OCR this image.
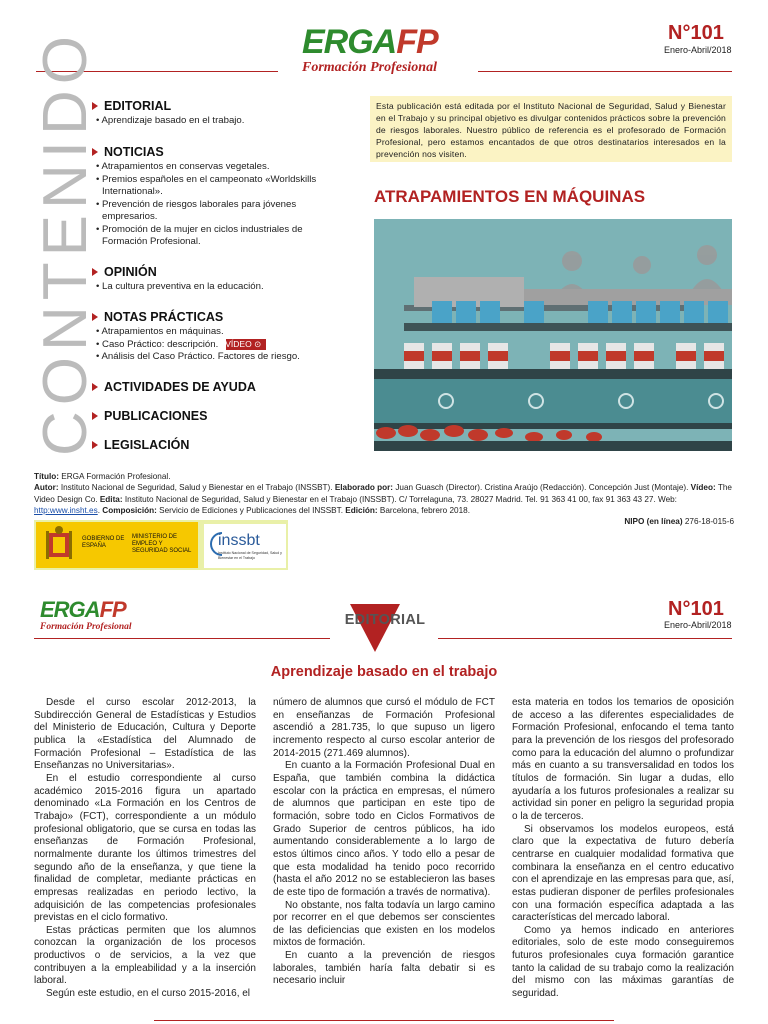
ERGAFP
Formación Profesional
N°101
Enero-Abril/2018
CONTENIDO EDITORIAL
• Aprendizaje basado en el trabajo.
NOTICIAS
• Atrapamientos en conservas vegetales.
• Premios españoles en el campeonato «Worldskills International».
• Prevención de riesgos laborales para jóvenes empresarios.
• Promoción de la mujer en ciclos industriales de Formación Profesional.
OPINIÓN
• La cultura preventiva en la educación.
NOTAS PRÁCTICAS
• Atrapamientos en máquinas.
• Caso Práctico: descripción. VÍDEO ⊙
• Análisis del Caso Práctico. Factores de riesgo.
ACTIVIDADES DE AYUDA
PUBLICACIONES
LEGISLACIÓN
Esta publicación está editada por el Instituto Nacional de Seguridad, Salud y Bienestar en el Trabajo y su principal objetivo es divulgar contenidos prácticos sobre la prevención de riesgos laborales. Nuestro público de referencia es el profesorado de Formación Profesional, pero estamos encantados de que otros destinatarios interesados en la prevención nos visiten.
ATRAPAMIENTOS EN MÁQUINAS
Título: ERGA Formación Profesional.
Autor: Instituto Nacional de Seguridad, Salud y Bienestar en el Trabajo (INSSBT). Elaborado por: Juan Guasch (Director). Cristina Araújo (Redacción). Concepción Just (Montaje). Vídeo: The Video Design Co. Edita: Instituto Nacional de Seguridad, Salud y Bienestar en el Trabajo (INSSBT). C/ Torrelaguna, 73. 28027 Madrid. Tel. 91 363 41 00, fax 91 363 43 27. Web: http:www.insht.es. Composición: Servicio de Ediciones y Publicaciones del INSSBT. Edición: Barcelona, febrero 2018.
NIPO (en línea) 276-18-015-6
GOBIERNO DE ESPAÑA
MINISTERIO DE EMPLEO Y SEGURIDAD SOCIAL
inssbt
Instituto Nacional de Seguridad, Salud y Bienestar en el Trabajo
ERGAFP
Formación Profesional	EDITORIAL	N°101
Enero-Abril/2018
Aprendizaje basado en el trabajo

Desde el curso escolar 2012-2013, la Subdirección General de Estadísticas y Estudios del Ministerio de Educación, Cultura y Deporte publica la «Estadística del Alumnado de Formación Profesional – Estadística de las Enseñanzas no Universitarias».

En el estudio correspondiente al curso académico 2015-2016 figura un apartado denominado «La Formación en los Centros de Trabajo» (FCT), correspondiente a un módulo profesional obligatorio, que se cursa en todas las enseñanzas de Formación Profesional, normalmente durante los últimos trimestres del segundo año de la enseñanza, y que tiene la finalidad de completar, mediante prácticas en empresas realizadas en periodo lectivo, la adquisición de las competencias profesionales previstas en el ciclo formativo.

Estas prácticas permiten que los alumnos conozcan la organización de los procesos productivos o de servicios, a la vez que contribuyen a la empleabilidad y a la inserción laboral.

Según este estudio, en el curso 2015-2016, el

número de alumnos que cursó el módulo de FCT en enseñanzas de Formación Profesional ascendió a 281.735, lo que supuso un ligero incremento respecto al curso escolar anterior de 2014-2015 (271.469 alumnos).

En cuanto a la Formación Profesional Dual en España, que también combina la didáctica escolar con la práctica en empresas, el número de alumnos que participan en este tipo de formación, sobre todo en Ciclos Formativos de Grado Superior de centros públicos, ha ido aumentando considerablemente a lo largo de estos últimos cinco años. Y todo ello a pesar de que esta modalidad ha tenido poco recorrido (hasta el año 2012 no se establecieron las bases de este tipo de formación a través de normativa).

No obstante, nos falta todavía un largo camino por recorrer en el que debemos ser conscientes de las deficiencias que existen en los modelos mixtos de formación.

En cuanto a la prevención de riesgos laborales, también haría falta debatir si es necesario incluir

esta materia en todos los temarios de oposición de acceso a las diferentes especialidades de Formación Profesional, enfocando el tema tanto para la prevención de los riesgos del profesorado como para la educación del alumno o profundizar más en cuanto a su transversalidad en todos los títulos de formación. Sin lugar a dudas, ello ayudaría a los futuros profesionales a realizar su actividad sin poner en peligro la seguridad propia o la de terceros.

Si observamos los modelos europeos, está claro que la expectativa de futuro debería centrarse en cualquier modalidad formativa que combinara la enseñanza en el centro educativo con el aprendizaje en las empresas para que, así, estas pudieran disponer de perfiles profesionales con una formación específica adaptada a las características del mercado laboral.

Como ya hemos indicado en anteriores editoriales, solo de este modo conseguiremos futuros profesionales cuya formación garantice tanto la calidad de su trabajo como la realización del mismo con las máximas garantías de seguridad.
